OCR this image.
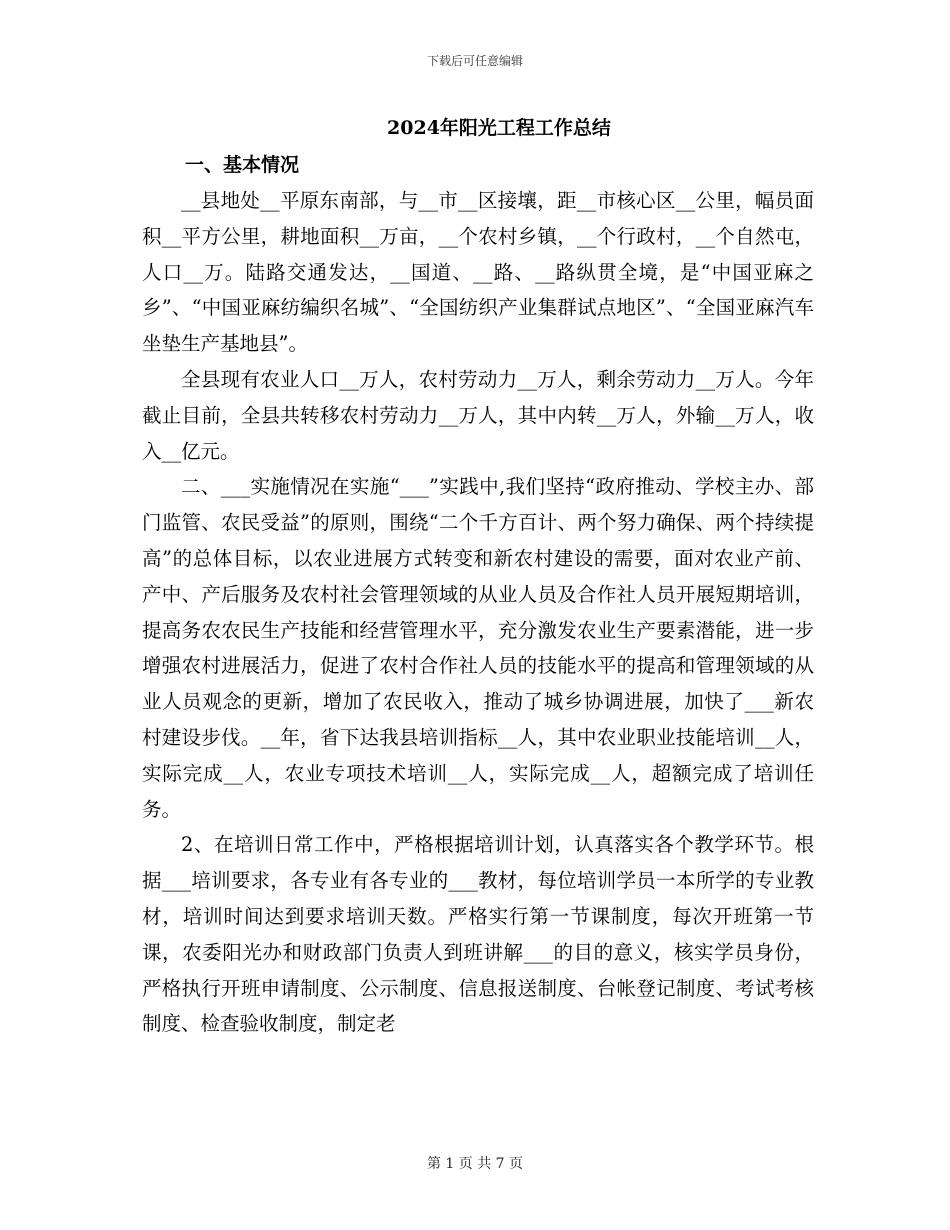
下载后可任意编辑
2024年阳光工程工作总结
一、基本情况

__县地处__平原东南部，与__市__区接壤，距__市核心区__公里，幅员面积__平方公里，耕地面积__万亩，__个农村乡镇，__个行政村，__个自然屯，人口__万。陆路交通发达，__国道、__路、__路纵贯全境，是“中国亚麻之乡”、“中国亚麻纺编织名城”、“全国纺织产业集群试点地区”、“全国亚麻汽车坐垫生产基地县”。

全县现有农业人口__万人，农村劳动力__万人，剩余劳动力__万人。今年截止目前，全县共转移农村劳动力__万人，其中内转__万人，外输__万人，收入__亿元。

二、___实施情况在实施“___”实践中,我们坚持“政府推动、学校主办、部门监管、农民受益”的原则，围绕“二个千方百计、两个努力确保、两个持续提高”的总体目标，以农业进展方式转变和新农村建设的需要，面对农业产前、产中、产后服务及农村社会管理领域的从业人员及合作社人员开展短期培训，提高务农农民生产技能和经营管理水平，充分激发农业生产要素潜能，进一步增强农村进展活力，促进了农村合作社人员的技能水平的提高和管理领域的从业人员观念的更新，增加了农民收入，推动了城乡协调进展，加快了___新农村建设步伐。__年，省下达我县培训指标__人，其中农业职业技能培训__人，实际完成__人，农业专项技术培训__人，实际完成__人，超额完成了培训任务。

2、在培训日常工作中，严格根据培训计划，认真落实各个教学环节。根据___培训要求，各专业有各专业的___教材，每位培训学员一本所学的专业教材，培训时间达到要求培训天数。严格实行第一节课制度，每次开班第一节课，农委阳光办和财政部门负责人到班讲解___的目的意义，核实学员身份，严格执行开班申请制度、公示制度、信息报送制度、台帐登记制度、考试考核制度、检查验收制度，制定老

第 1 页 共 7 页
